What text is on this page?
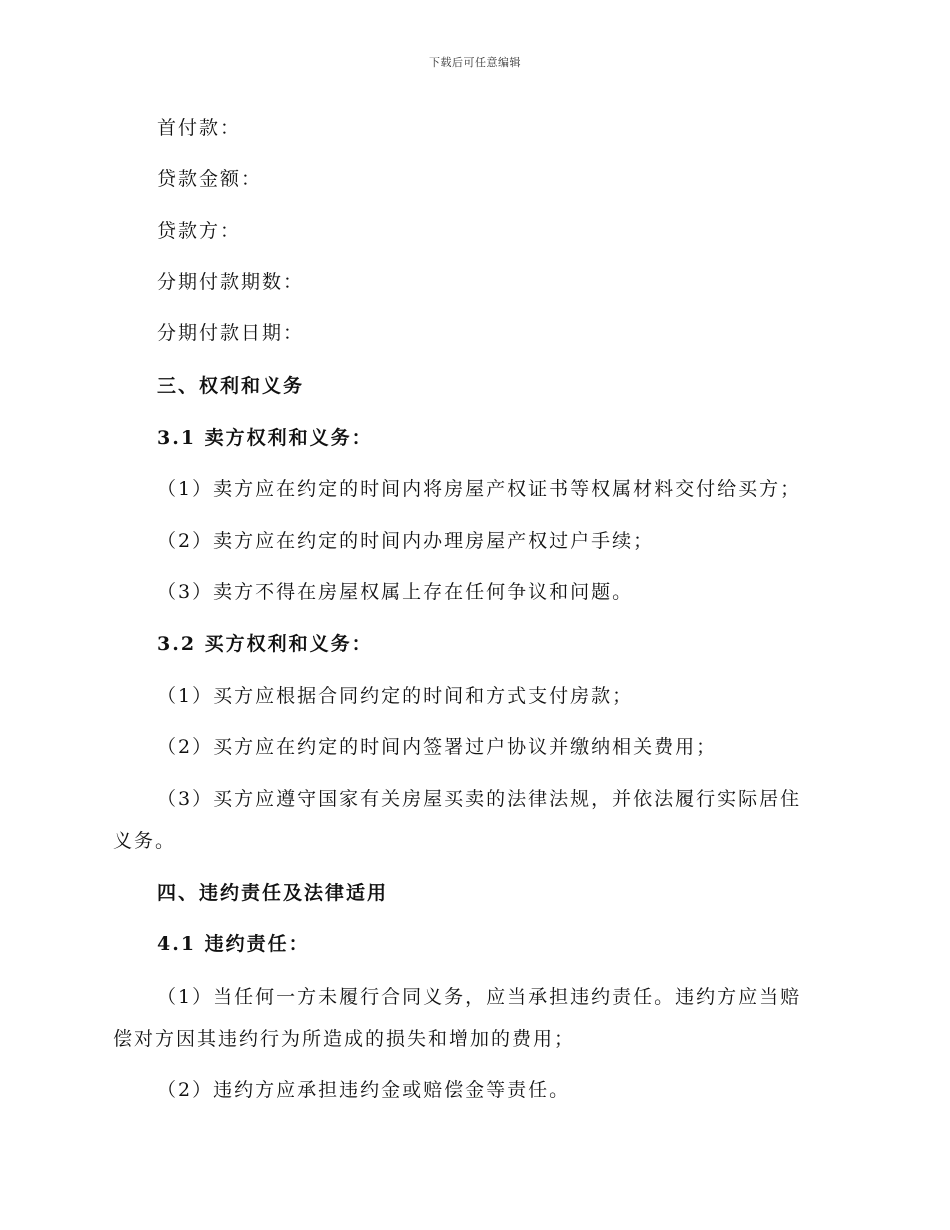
下载后可任意编辑
首付款：
贷款金额：
贷款方：
分期付款期数：
分期付款日期：
三、权利和义务
3.1 卖方权利和义务：
（1）卖方应在约定的时间内将房屋产权证书等权属材料交付给买方；
（2）卖方应在约定的时间内办理房屋产权过户手续；
（3）卖方不得在房屋权属上存在任何争议和问题。
3.2 买方权利和义务：
（1）买方应根据合同约定的时间和方式支付房款；
（2）买方应在约定的时间内签署过户协议并缴纳相关费用；
（3）买方应遵守国家有关房屋买卖的法律法规，并依法履行实际居住
义务。
四、违约责任及法律适用
4.1 违约责任：
（1）当任何一方未履行合同义务，应当承担违约责任。违约方应当赔
偿对方因其违约行为所造成的损失和增加的费用；
（2）违约方应承担违约金或赔偿金等责任。
